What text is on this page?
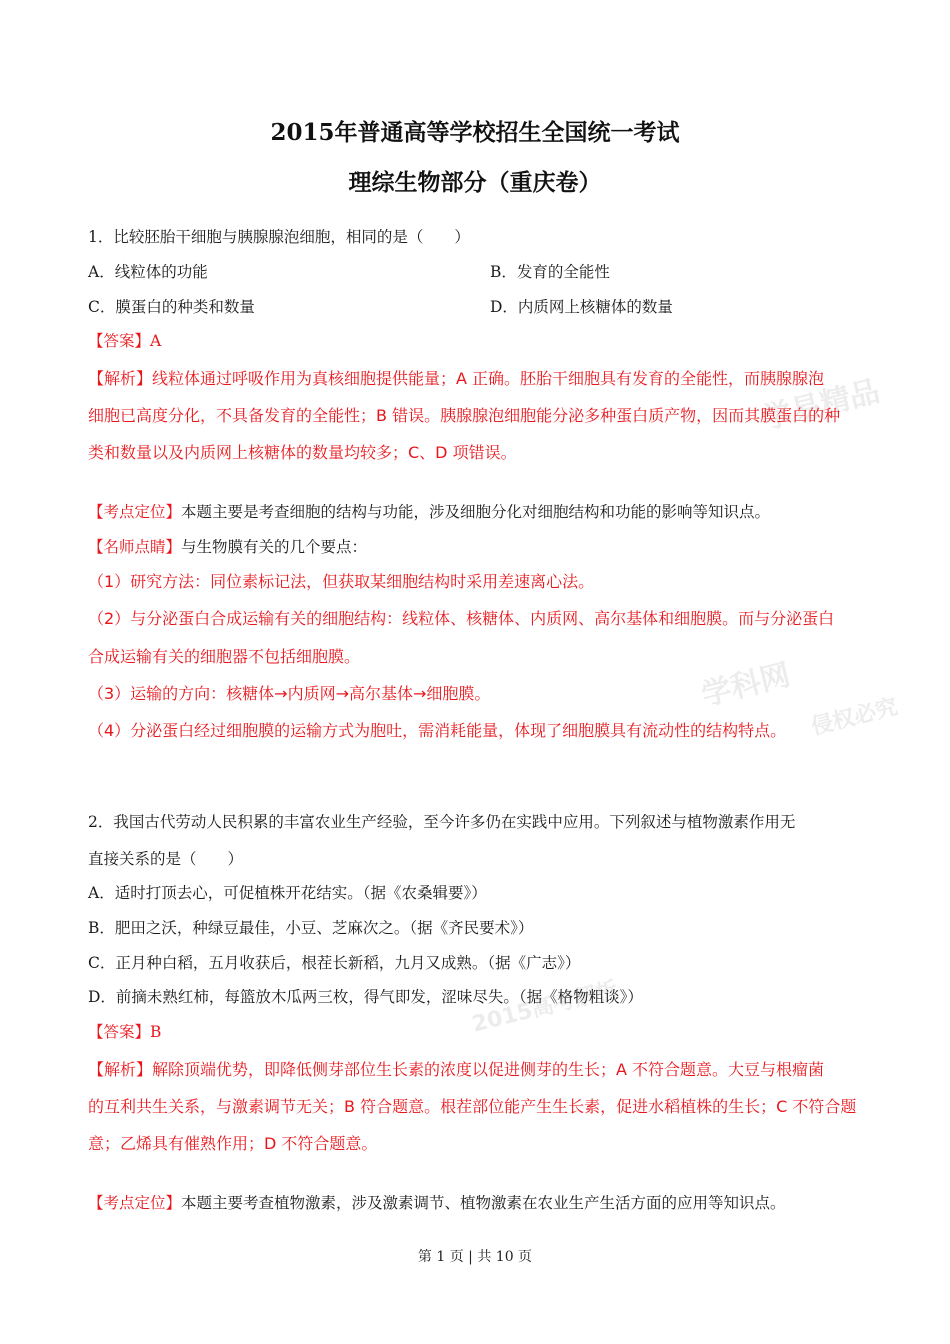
学易精品
学科网
侵权必究
2015高考解析
2015年普通高等学校招生全国统一考试
理综生物部分（重庆卷）
1．比较胚胎干细胞与胰腺腺泡细胞，相同的是（　　）
A．线粒体的功能	B．发育的全能性
C．膜蛋白的种类和数量	D．内质网上核糖体的数量
【答案】A
【解析】线粒体通过呼吸作用为真核细胞提供能量；A 正确。胚胎干细胞具有发育的全能性，而胰腺腺泡
细胞已高度分化，不具备发育的全能性；B 错误。胰腺腺泡细胞能分泌多种蛋白质产物，因而其膜蛋白的种
类和数量以及内质网上核糖体的数量均较多；C、D 项错误。
【考点定位】本题主要是考查细胞的结构与功能，涉及细胞分化对细胞结构和功能的影响等知识点。
【名师点睛】与生物膜有关的几个要点：
（1）研究方法：同位素标记法，但获取某细胞结构时采用差速离心法。
（2）与分泌蛋白合成运输有关的细胞结构：线粒体、核糖体、内质网、高尔基体和细胞膜。而与分泌蛋白
合成运输有关的细胞器不包括细胞膜。
（3）运输的方向：核糖体→内质网→高尔基体→细胞膜。
（4）分泌蛋白经过细胞膜的运输方式为胞吐，需消耗能量，体现了细胞膜具有流动性的结构特点。
2．我国古代劳动人民积累的丰富农业生产经验，至今许多仍在实践中应用。下列叙述与植物激素作用无
直接关系的是（　　）
A．适时打顶去心，可促植株开花结实。（据《农桑辑要》）
B．肥田之沃，种绿豆最佳，小豆、芝麻次之。（据《齐民要术》）
C．正月种白稻，五月收获后，根茬长新稻，九月又成熟。（据《广志》）
D．前摘未熟红柿，每篮放木瓜两三枚，得气即发，涩味尽失。（据《格物粗谈》）
【答案】B
【解析】解除顶端优势，即降低侧芽部位生长素的浓度以促进侧芽的生长；A 不符合题意。大豆与根瘤菌
的互利共生关系，与激素调节无关；B 符合题意。根茬部位能产生生长素，促进水稻植株的生长；C 不符合题
意；乙烯具有催熟作用；D 不符合题意。
【考点定位】本题主要考查植物激素，涉及激素调节、植物激素在农业生产生活方面的应用等知识点。
第 1 页 | 共 10 页
